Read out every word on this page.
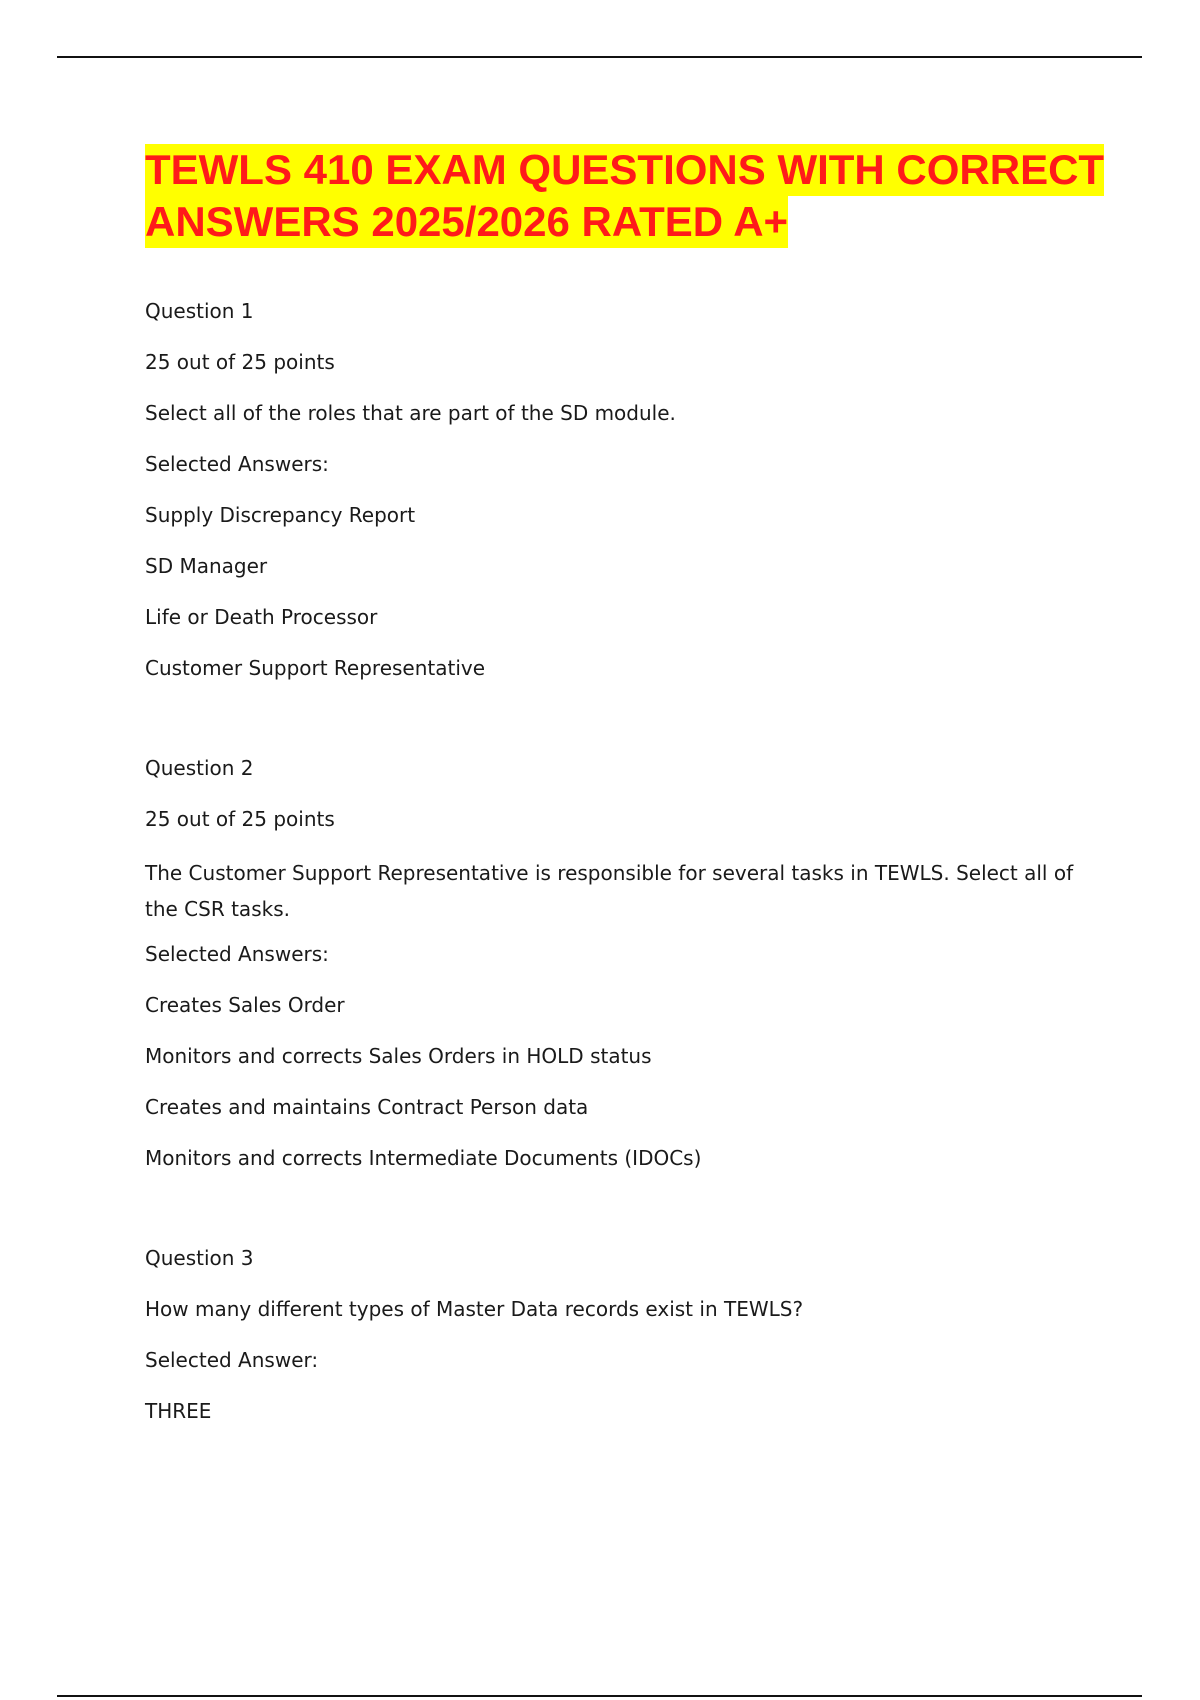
TEWLS 410 EXAM QUESTIONS WITH CORRECT ANSWERS 2025/2026 RATED A+

Question 1

25 out of 25 points

Select all of the roles that are part of the SD module.

Selected Answers:

Supply Discrepancy Report

SD Manager

Life or Death Processor

Customer Support Representative

Question 2

25 out of 25 points

The Customer Support Representative is responsible for several tasks in TEWLS. Select all of the CSR tasks.

Selected Answers:

Creates Sales Order

Monitors and corrects Sales Orders in HOLD status

Creates and maintains Contract Person data

Monitors and corrects Intermediate Documents (IDOCs)

Question 3

How many different types of Master Data records exist in TEWLS?

Selected Answer:

THREE
